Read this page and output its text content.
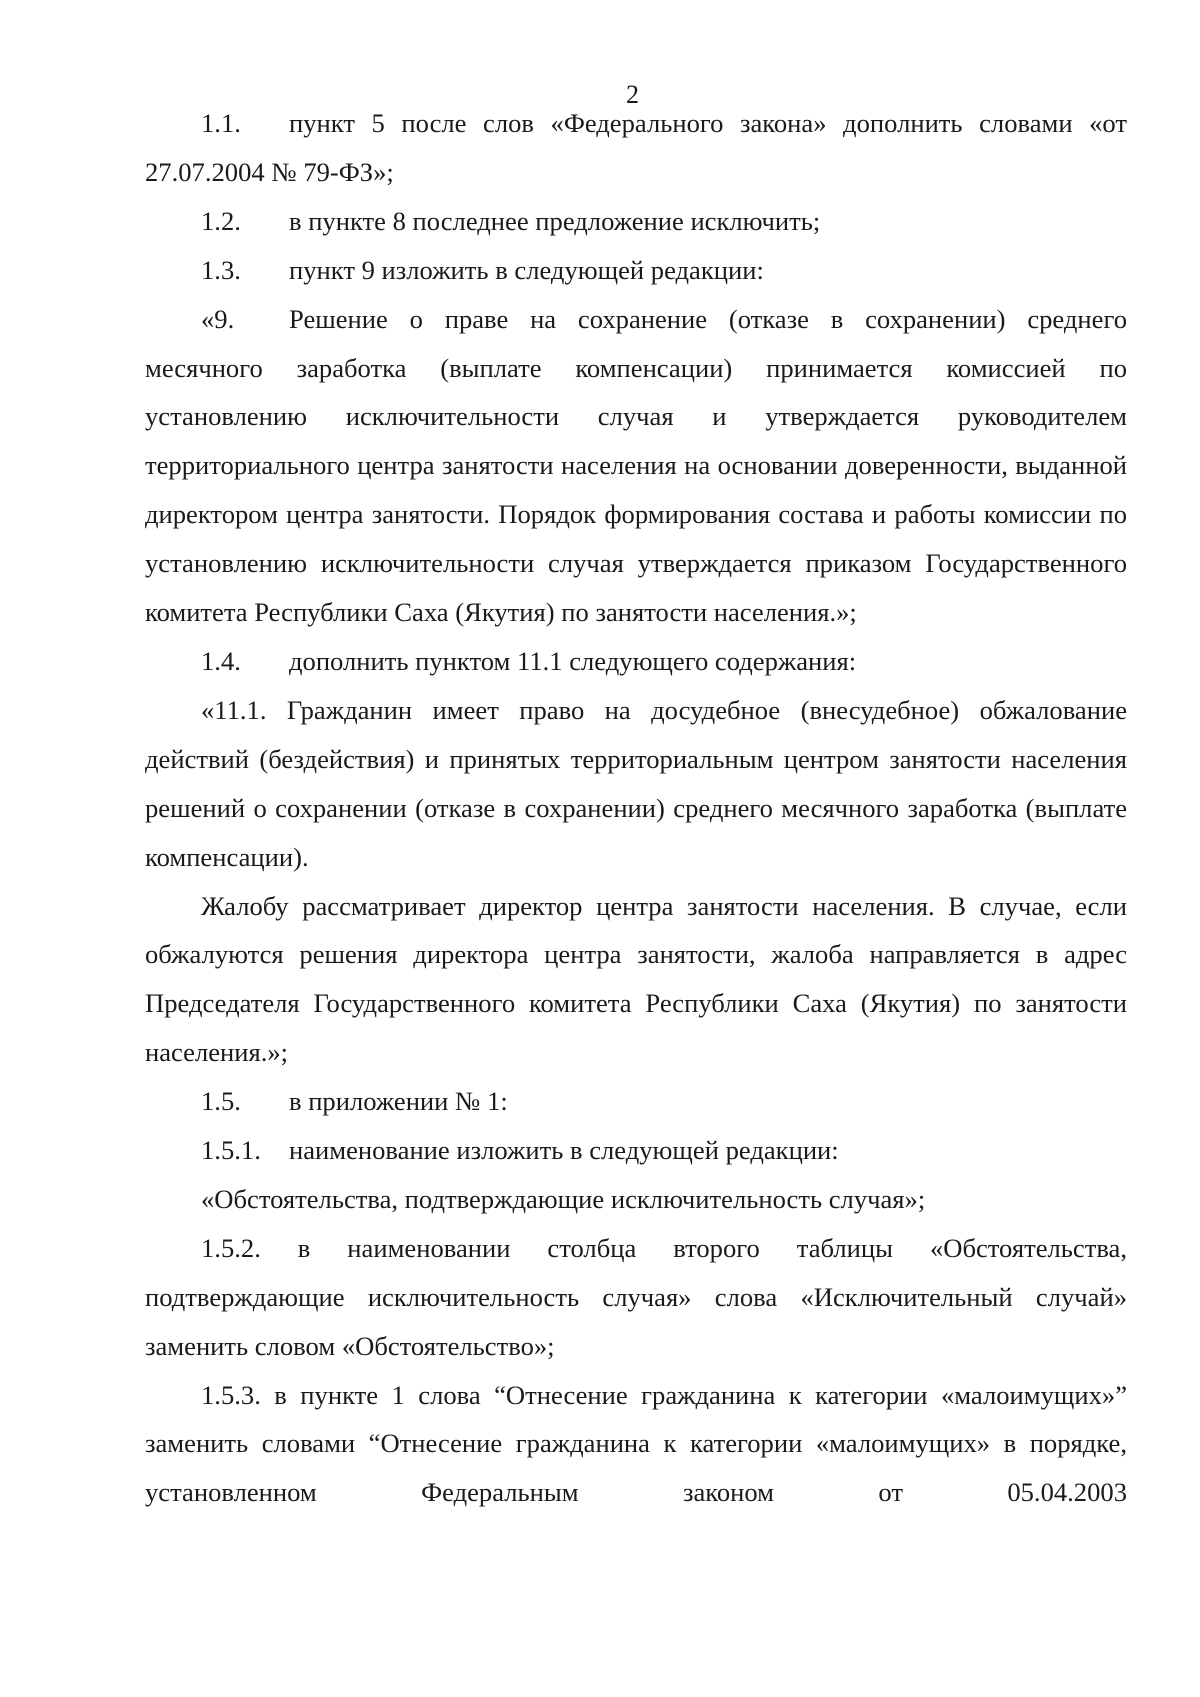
2

1.1. пункт 5 после слов «Федерального закона» дополнить словами «от 27.07.2004 № 79-ФЗ»;

1.2. в пункте 8 последнее предложение исключить;

1.3. пункт 9 изложить в следующей редакции:

«9. Решение о праве на сохранение (отказе в сохранении) среднего месячного заработка (выплате компенсации) принимается комиссией по установлению исключительности случая и утверждается руководителем территориального центра занятости населения на основании доверенности, выданной директором центра занятости. Порядок формирования состава и работы комиссии по установлению исключительности случая утверждается приказом Государственного комитета Республики Саха (Якутия) по занятости населения.»;

1.4. дополнить пунктом 11.1 следующего содержания:

«11.1. Гражданин имеет право на досудебное (внесудебное) обжалование действий (бездействия) и принятых территориальным центром занятости населения решений о сохранении (отказе в сохранении) среднего месячного заработка (выплате компенсации).

Жалобу рассматривает директор центра занятости населения. В случае, если обжалуются решения директора центра занятости, жалоба направляется в адрес Председателя Государственного комитета Республики Саха (Якутия) по занятости населения.»;

1.5. в приложении № 1:

1.5.1. наименование изложить в следующей редакции:

«Обстоятельства, подтверждающие исключительность случая»;

1.5.2. в наименовании столбца второго таблицы «Обстоятельства, подтверждающие исключительность случая» слова «Исключительный случай» заменить словом «Обстоятельство»;

1.5.3. в пункте 1 слова “Отнесение гражданина к категории «малоимущих»” заменить словами “Отнесение гражданина к категории «малоимущих» в порядке, установленном Федеральным законом от 05.04.2003
